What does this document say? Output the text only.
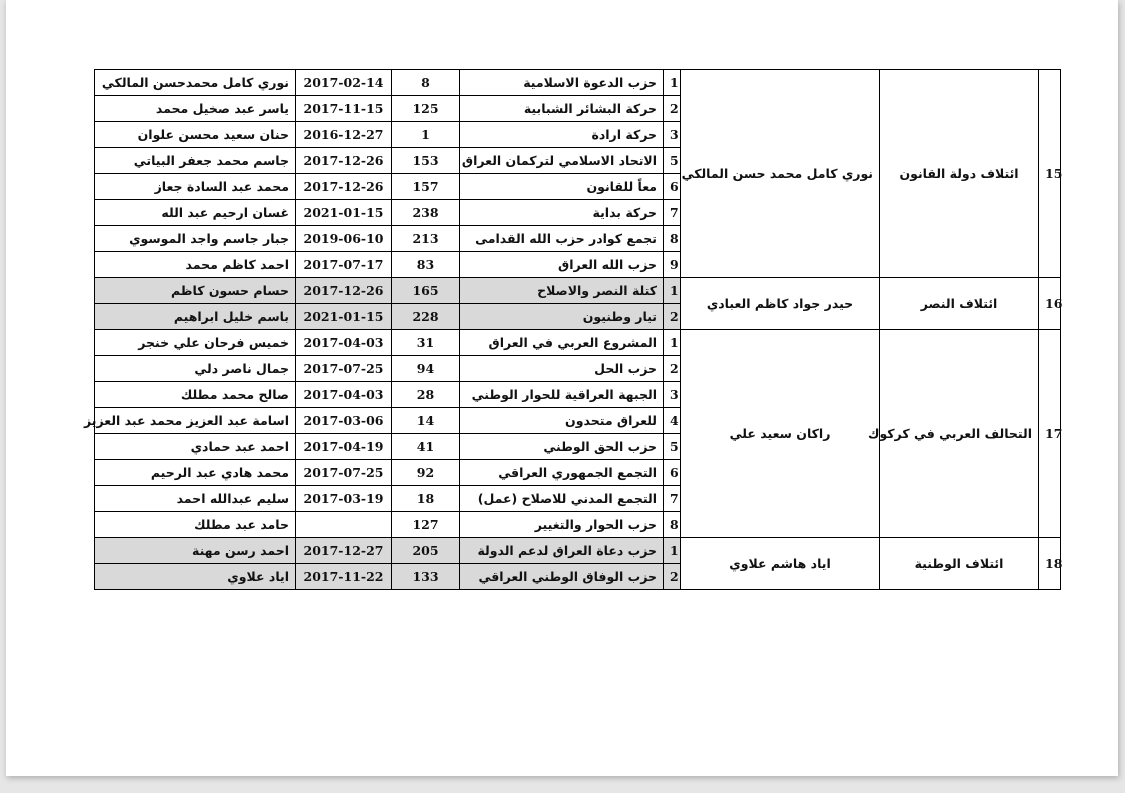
نوري كامل محمدحسن المالكي	2017-02-14	8	حزب الدعوة الاسلامية	1	نوري كامل محمد حسن المالكي	ائتلاف دولة القانون	15
ياسر عبد صخيل محمد	2017-11-15	125	حركة البشائر الشبابية	2			
حنان سعيد محسن علوان	2016-12-27	1	حركة ارادة	3			
جاسم محمد جعفر البياتي	2017-12-26	153	الاتحاد الاسلامي لتركمان العراق	5			
محمد عبد السادة جعاز	2017-12-26	157	معاً للقانون	6			
غسان ارحيم عبد الله	2021-01-15	238	حركة بداية	7			
جبار جاسم واجد الموسوي	2019-06-10	213	تجمع كوادر حزب الله القدامى	8			
احمد كاظم محمد	2017-07-17	83	حزب الله العراق	9			
حسام حسون كاظم	2017-12-26	165	كتلة النصر والاصلاح	1	حيدر جواد كاظم العبادي	ائتلاف النصر	16
باسم خليل ابراهيم	2021-01-15	228	تيار وطنيون	2			
خميس فرحان علي خنجر	2017-04-03	31	المشروع العربي في العراق	1	راكان سعيد علي	التحالف العربي في كركوك	17
جمال ناصر دلي	2017-07-25	94	حزب الحل	2			
صالح محمد مطلك	2017-04-03	28	الجبهة العراقية للحوار الوطني	3			
اسامة عبد العزيز محمد عبد العزيز	2017-03-06	14	للعراق متحدون	4			
احمد عبد حمادي	2017-04-19	41	حزب الحق الوطني	5			
محمد هادي عبد الرحيم	2017-07-25	92	التجمع الجمهوري العراقي	6			
سليم عبدالله احمد	2017-03-19	18	التجمع المدني للاصلاح (عمل)	7			
حامد عبد مطلك		127	حزب الحوار والتغيير	8			
احمد رسن مهنة	2017-12-27	205	حزب دعاة العراق لدعم الدولة	1	اياد هاشم علاوي	ائتلاف الوطنية	18
اياد علاوي	2017-11-22	133	حزب الوفاق الوطني العراقي	2			
